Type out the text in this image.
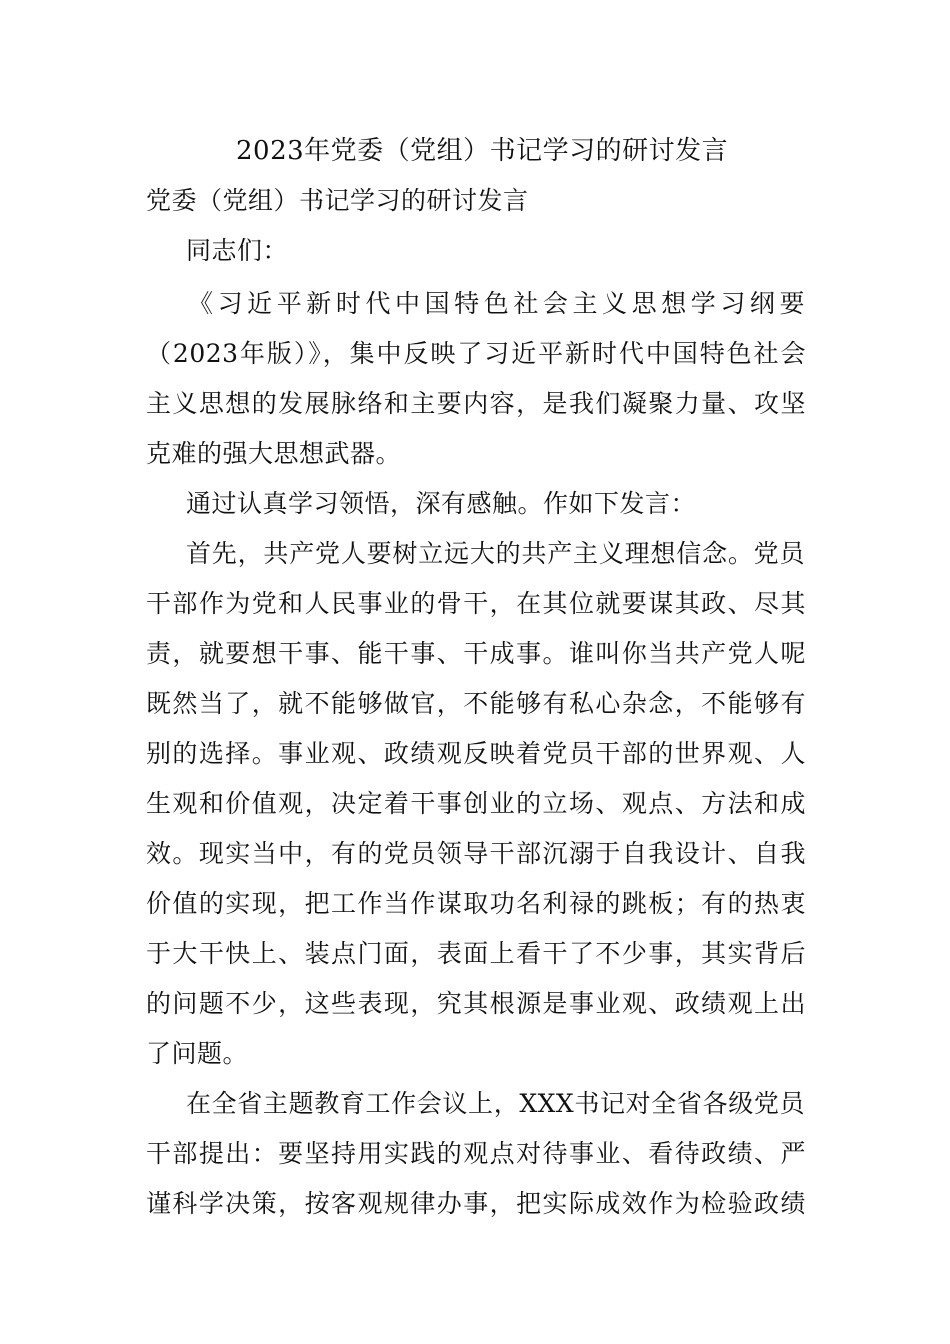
2023年党委（党组）书记学习的研讨发言
党委（党组）书记学习的研讨发言
同志们：
《习近平新时代中国特色社会主义思想学习纲要
（2023年版）》，集中反映了习近平新时代中国特色社会
主义思想的发展脉络和主要内容，是我们凝聚力量、攻坚
克难的强大思想武器。
通过认真学习领悟，深有感触。作如下发言：
首先，共产党人要树立远大的共产主义理想信念。党员
干部作为党和人民事业的骨干，在其位就要谋其政、尽其
责，就要想干事、能干事、干成事。谁叫你当共产党人呢
既然当了，就不能够做官，不能够有私心杂念，不能够有
别的选择。事业观、政绩观反映着党员干部的世界观、人
生观和价值观，决定着干事创业的立场、观点、方法和成
效。现实当中，有的党员领导干部沉溺于自我设计、自我
价值的实现，把工作当作谋取功名利禄的跳板；有的热衷
于大干快上、装点门面，表面上看干了不少事，其实背后
的问题不少，这些表现，究其根源是事业观、政绩观上出
了问题。
在全省主题教育工作会议上，XXX书记对全省各级党员
干部提出：要坚持用实践的观点对待事业、看待政绩、严
谨科学决策，按客观规律办事，把实际成效作为检验政绩
